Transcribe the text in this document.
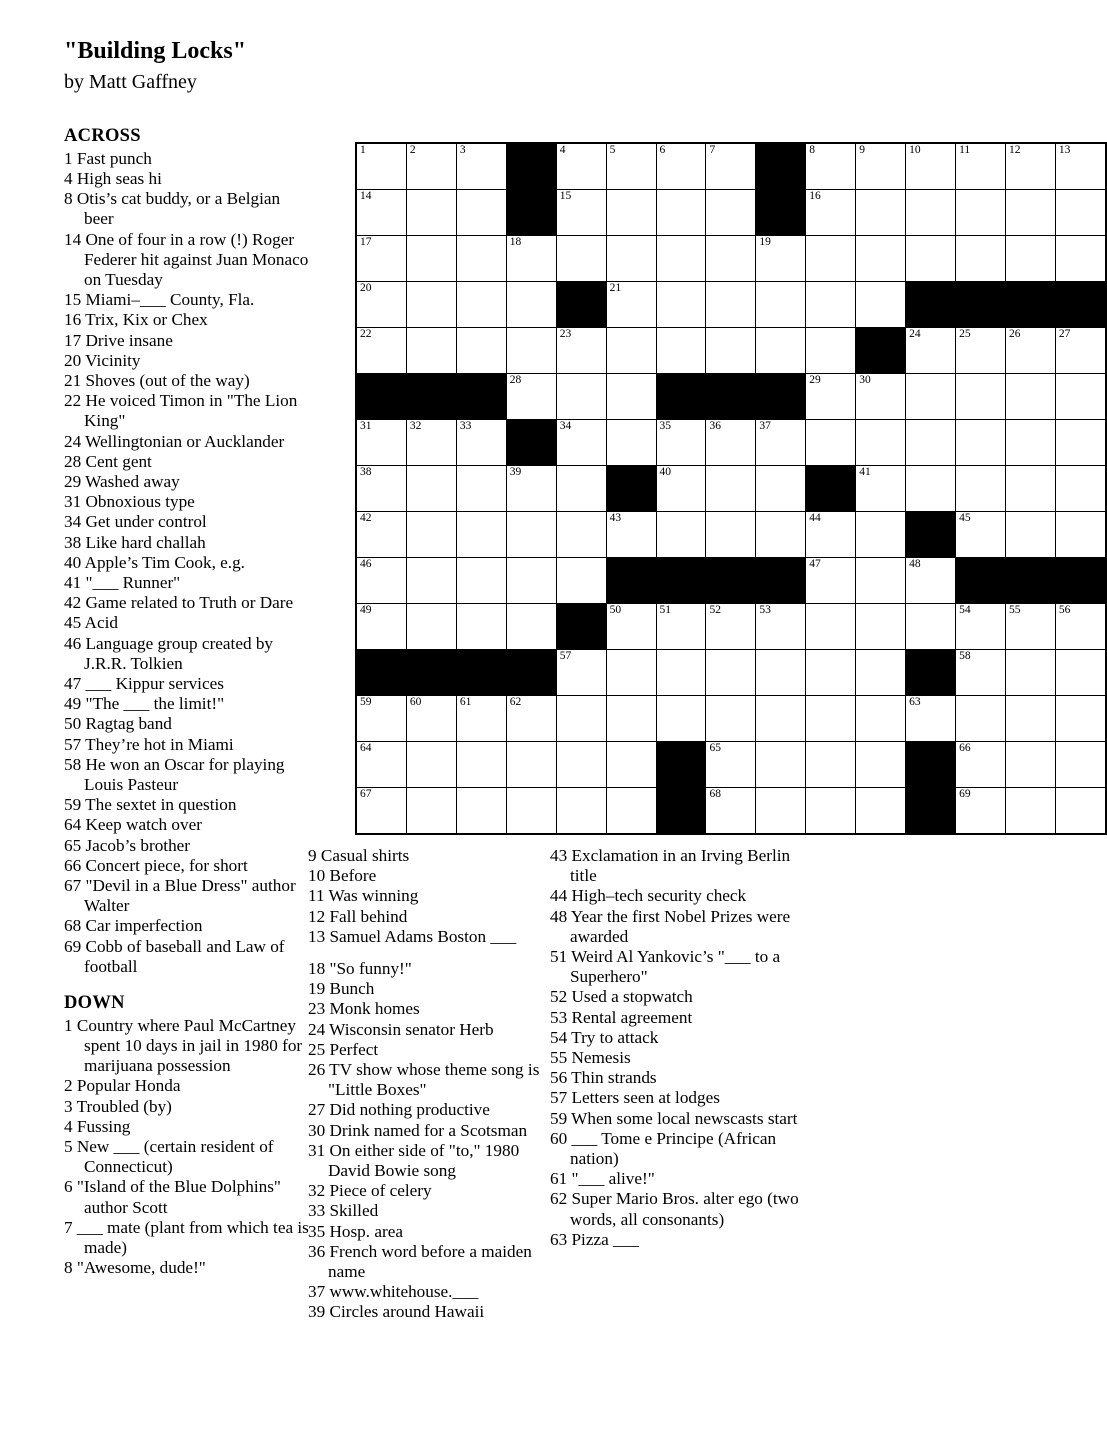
"Building Locks"

by Matt Gaffney

ACROSS
1 Fast punch
4 High seas hi
8 Otis’s cat buddy, or a Belgian beer
14 One of four in a row (!) Roger Federer hit against Juan Monaco on Tuesday
15 Miami–___ County, Fla.
16 Trix, Kix or Chex
17 Drive insane
20 Vicinity
21 Shoves (out of the way)
22 He voiced Timon in "The Lion King"
24 Wellingtonian or Aucklander
28 Cent gent
29 Washed away
31 Obnoxious type
34 Get under control
38 Like hard challah
40 Apple’s Tim Cook, e.g.
41 "___ Runner"
42 Game related to Truth or Dare
45 Acid
46 Language group created by J.R.R. Tolkien
47 ___ Kippur services
49 "The ___ the limit!"
50 Ragtag band
57 They’re hot in Miami
58 He won an Oscar for playing Louis Pasteur
59 The sextet in question
64 Keep watch over
65 Jacob’s brother
66 Concert piece, for short
67 "Devil in a Blue Dress" author Walter
68 Car imperfection
69 Cobb of baseball and Law of football
DOWN
1 Country where Paul McCartney spent 10 days in jail in 1980 for marijuana possession
2 Popular Honda
3 Troubled (by)
4 Fussing
5 New ___ (certain resident of Connecticut)
6 "Island of the Blue Dolphins" author Scott
7 ___ mate (plant from which tea is made)
8 "Awesome, dude!"
9 Casual shirts
10 Before
11 Was winning
12 Fall behind
13 Samuel Adams Boston ___

18 "So funny!"
19 Bunch
23 Monk homes
24 Wisconsin senator Herb
25 Perfect
26 TV show whose theme song is "Little Boxes"
27 Did nothing productive
30 Drink named for a Scotsman
31 On either side of "to," 1980 David Bowie song
32 Piece of celery
33 Skilled
35 Hosp. area
36 French word before a maiden name
37 www.whitehouse.___
39 Circles around Hawaii
43 Exclamation in an Irving Berlin title
44 High–tech security check
48 Year the first Nobel Prizes were awarded
51 Weird Al Yankovic’s "___ to a Superhero"
52 Used a stopwatch
53 Rental agreement
54 Try to attack
55 Nemesis
56 Thin strands
57 Letters seen at lodges
59 When some local newscasts start
60 ___ Tome e Principe (African nation)
61 "___ alive!"
62 Super Mario Bros. alter ego (two words, all consonants)
63 Pizza ___
1	2	3		4	5	6	7		8	9	10	11	12	13

14				15					16					

17			18					19						

20					21									

22				23							24	25	26	27

			28						29	30				

31	32	33		34		35	36	37						

38			39			40				41				

42					43				44			45		

46									47		48			

49					50	51	52	53				54	55	56

				57								58		

59	60	61	62								63			

64							65					66		

67							68					69		
